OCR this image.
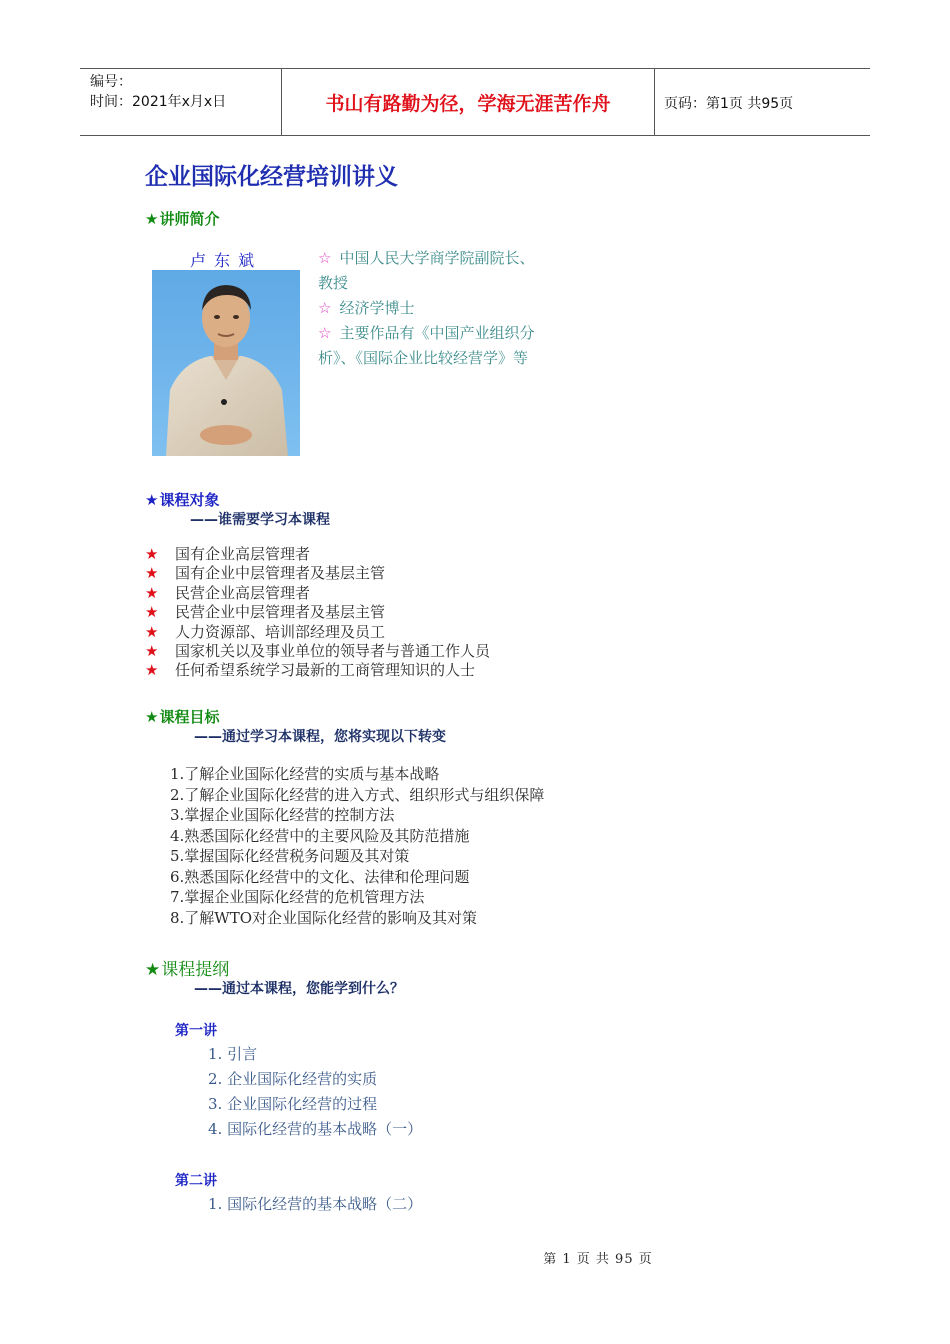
编号：
时间：2021年x月x日	书山有路勤为径，学海无涯苦作舟	页码：第1页 共95页
企业国际化经营培训讲义
★讲师简介
卢东斌	☆ 中国人民大学商学院副院长、
教授
☆ 经济学博士
☆ 主要作品有《中国产业组织分
析》、《国际企业比较经营学》等
★课程对象
——谁需要学习本课程
★ 国有企业高层管理者
★ 国有企业中层管理者及基层主管
★ 民营企业高层管理者
★ 民营企业中层管理者及基层主管
★ 人力资源部、培训部经理及员工
★ 国家机关以及事业单位的领导者与普通工作人员
★ 任何希望系统学习最新的工商管理知识的人士
★课程目标
——通过学习本课程，您将实现以下转变
1.了解企业国际化经营的实质与基本战略
2.了解企业国际化经营的进入方式、组织形式与组织保障
3.掌握企业国际化经营的控制方法
4.熟悉国际化经营中的主要风险及其防范措施
5.掌握国际化经营税务问题及其对策
6.熟悉国际化经营中的文化、法律和伦理问题
7.掌握企业国际化经营的危机管理方法
8.了解WTO对企业国际化经营的影响及其对策
★课程提纲
——通过本课程，您能学到什么？
第一讲
1. 引言
2. 企业国际化经营的实质
3. 企业国际化经营的过程
4. 国际化经营的基本战略（一）
第二讲
1. 国际化经营的基本战略（二）
第 1 页 共 95 页
